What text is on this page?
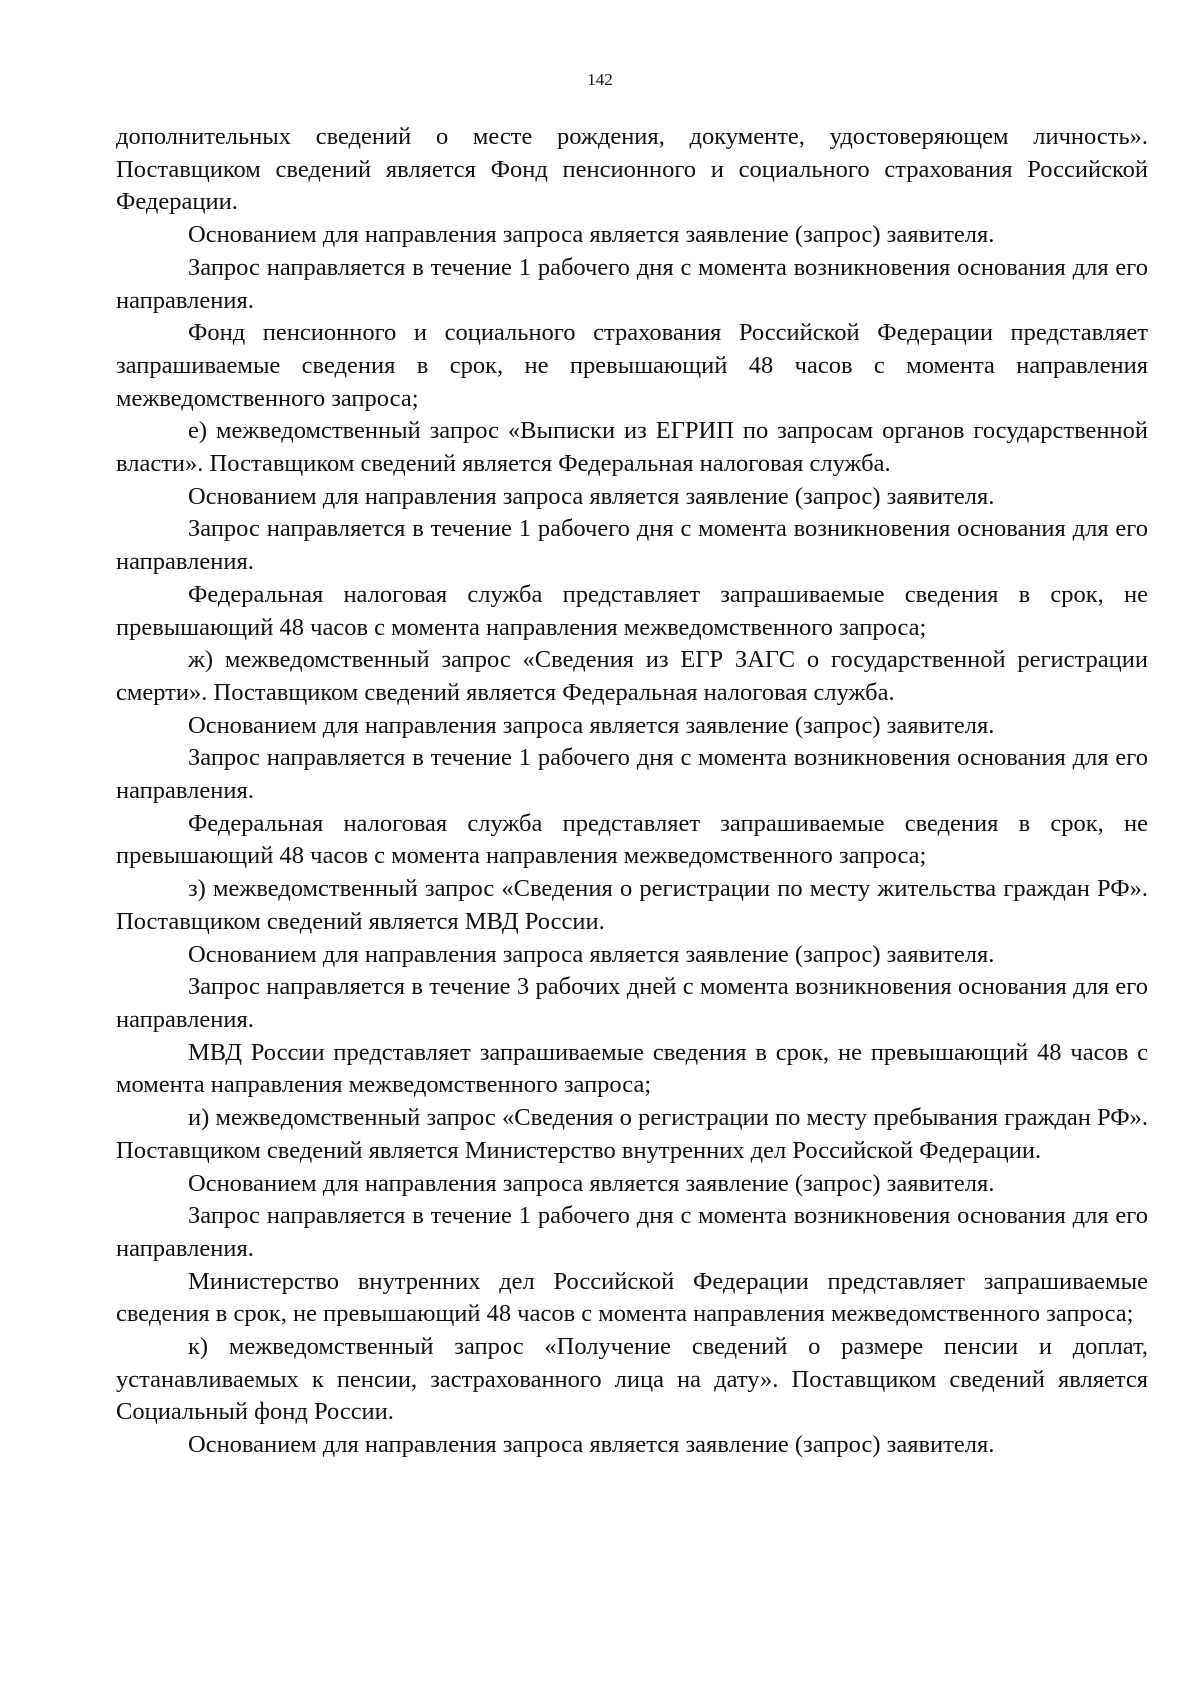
142

дополнительных сведений о месте рождения, документе, удостоверяющем личность». Поставщиком сведений является Фонд пенсионного и социального страхования Российской Федерации.

Основанием для направления запроса является заявление (запрос) заявителя.

Запрос направляется в течение 1 рабочего дня с момента возникновения основания для его направления.

Фонд пенсионного и социального страхования Российской Федерации представляет запрашиваемые сведения в срок, не превышающий 48 часов с момента направления межведомственного запроса;

е) межведомственный запрос «Выписки из ЕГРИП по запросам органов государственной власти». Поставщиком сведений является Федеральная налоговая служба.

Основанием для направления запроса является заявление (запрос) заявителя.

Запрос направляется в течение 1 рабочего дня с момента возникновения основания для его направления.

Федеральная налоговая служба представляет запрашиваемые сведения в срок, не превышающий 48 часов с момента направления межведомственного запроса;

ж) межведомственный запрос «Сведения из ЕГР ЗАГС о государственной регистрации смерти». Поставщиком сведений является Федеральная налоговая служба.

Основанием для направления запроса является заявление (запрос) заявителя.

Запрос направляется в течение 1 рабочего дня с момента возникновения основания для его направления.

Федеральная налоговая служба представляет запрашиваемые сведения в срок, не превышающий 48 часов с момента направления межведомственного запроса;

з) межведомственный запрос «Сведения о регистрации по месту жительства граждан РФ». Поставщиком сведений является МВД России.

Основанием для направления запроса является заявление (запрос) заявителя.

Запрос направляется в течение 3 рабочих дней с момента возникновения основания для его направления.

МВД России представляет запрашиваемые сведения в срок, не превышающий 48 часов с момента направления межведомственного запроса;

и) межведомственный запрос «Сведения о регистрации по месту пребывания граждан РФ». Поставщиком сведений является Министерство внутренних дел Российской Федерации.

Основанием для направления запроса является заявление (запрос) заявителя.

Запрос направляется в течение 1 рабочего дня с момента возникновения основания для его направления.

Министерство внутренних дел Российской Федерации представляет запрашиваемые сведения в срок, не превышающий 48 часов с момента направления межведомственного запроса;

к) межведомственный запрос «Получение сведений о размере пенсии и доплат, устанавливаемых к пенсии, застрахованного лица на дату». Поставщиком сведений является Социальный фонд России.

Основанием для направления запроса является заявление (запрос) заявителя.
